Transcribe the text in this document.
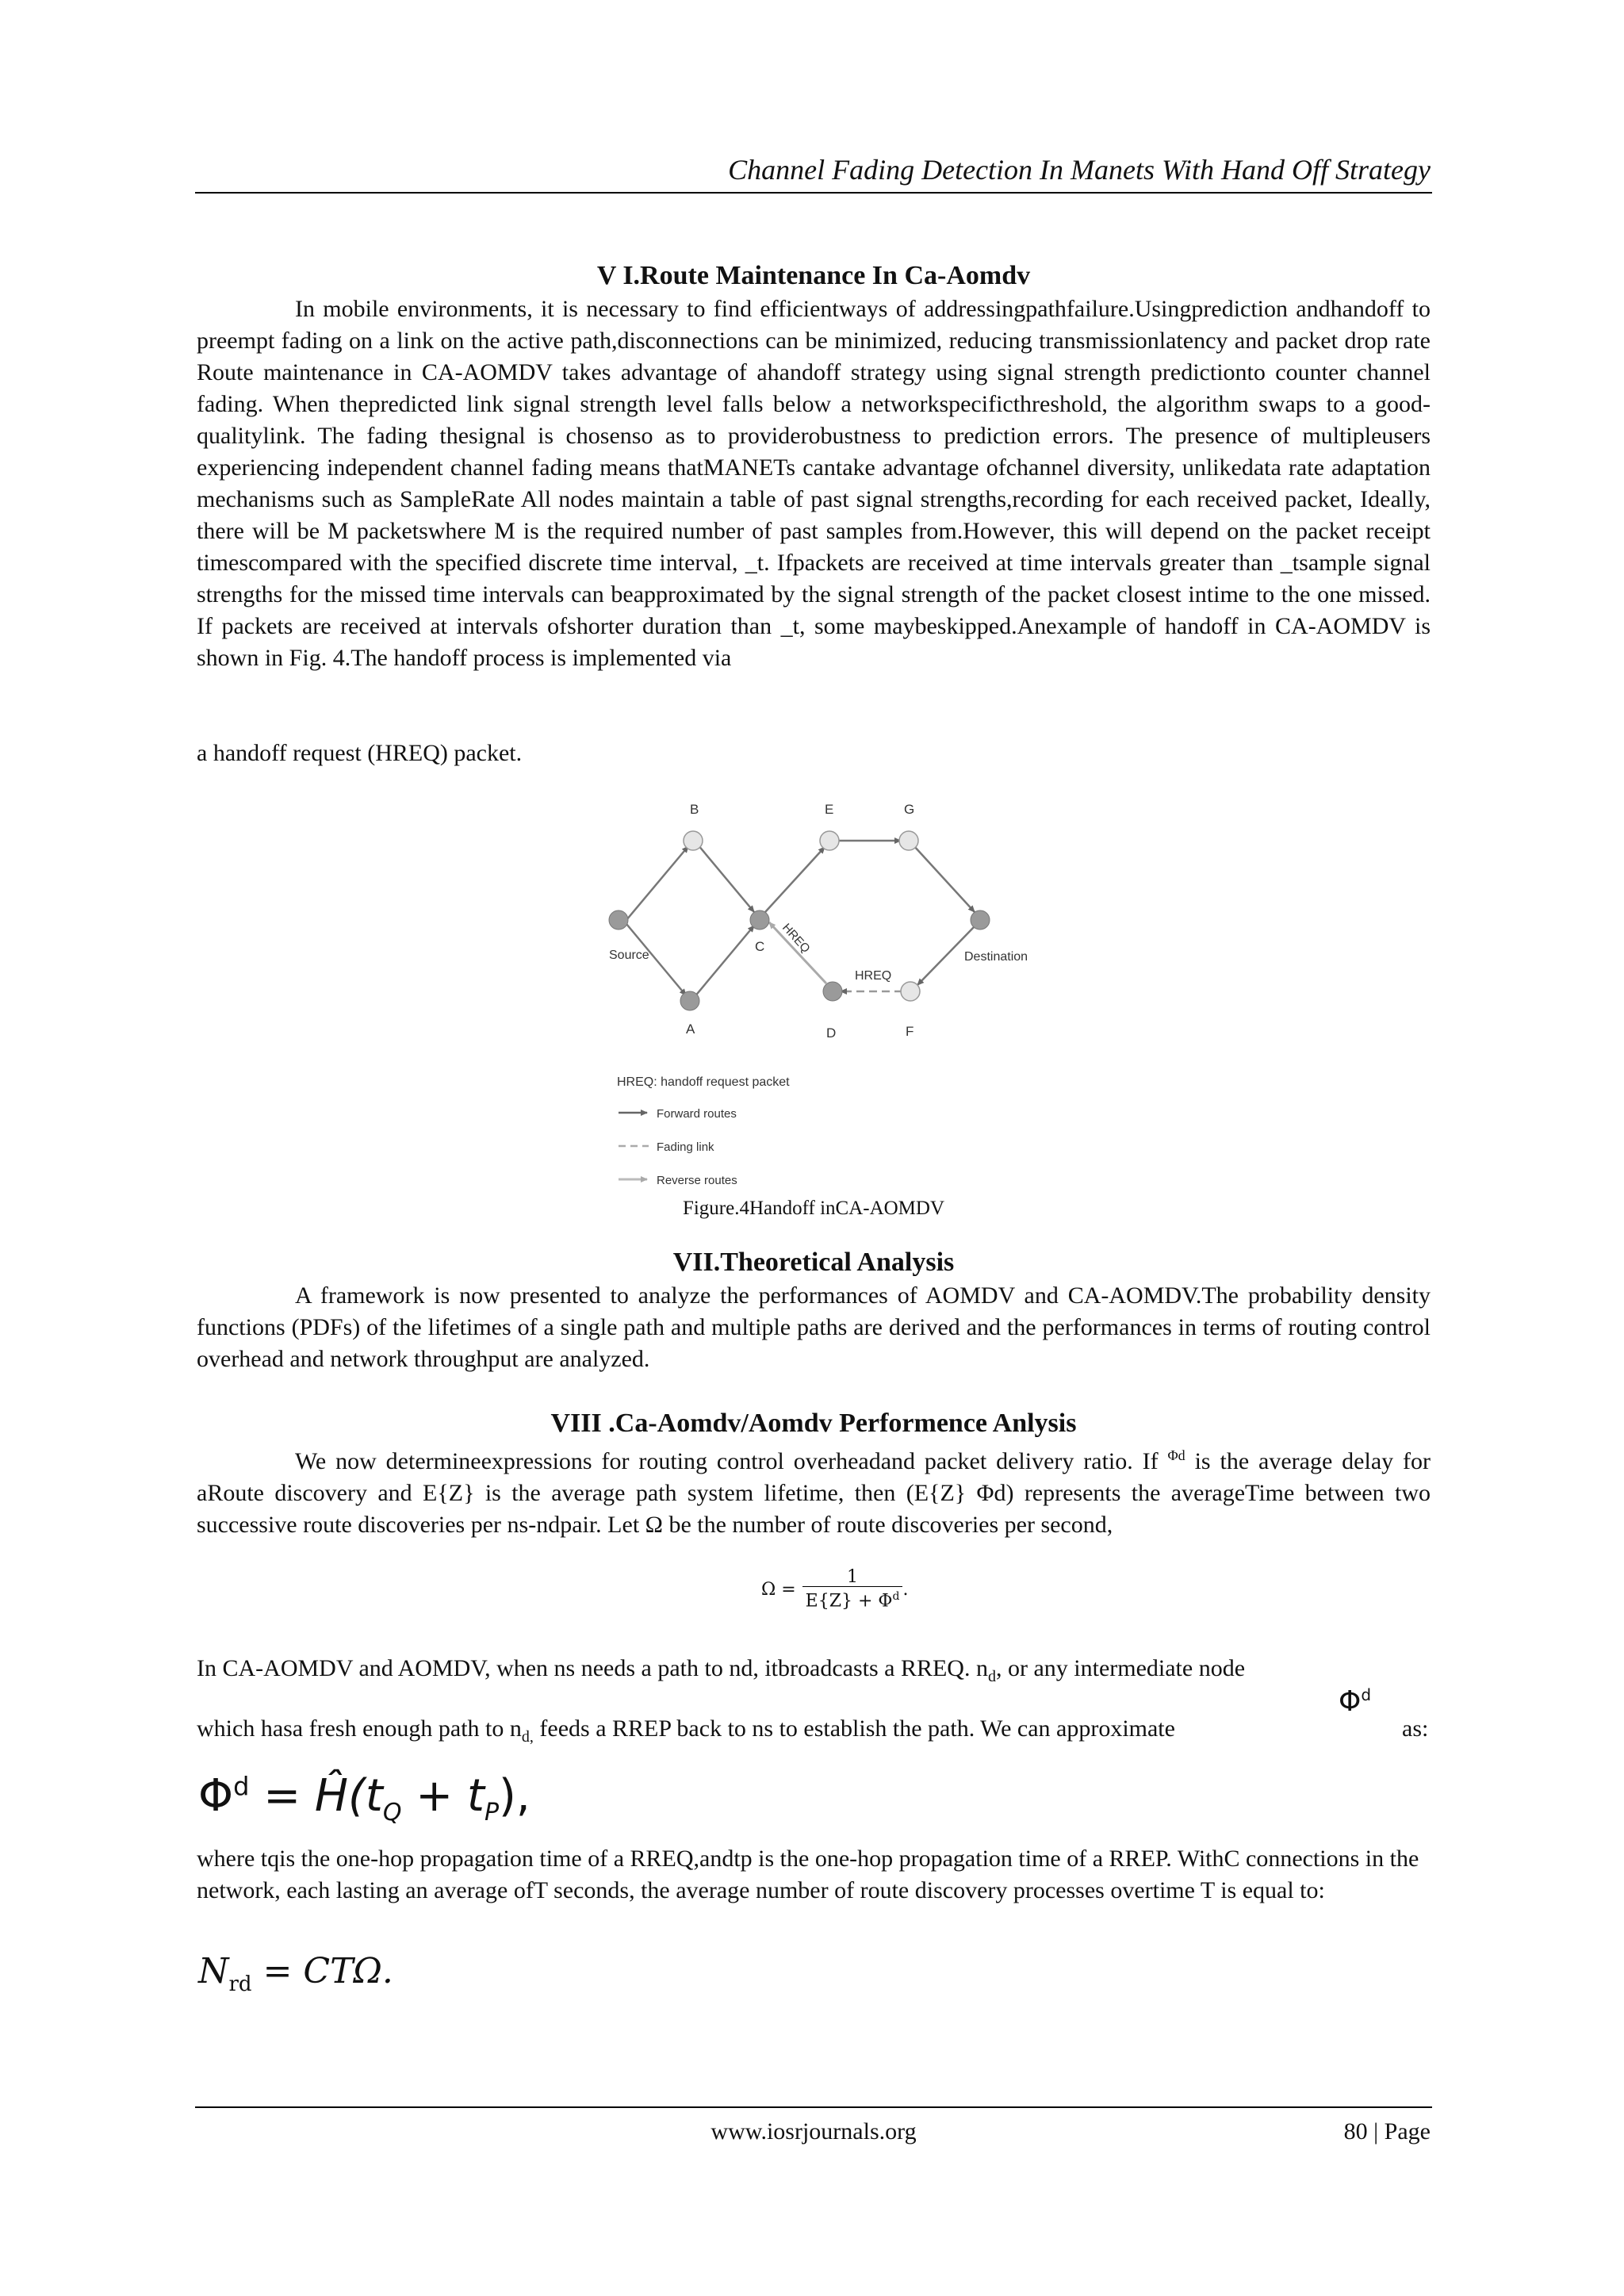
Channel Fading Detection In Manets With Hand Off Strategy
V I.Route Maintenance In Ca-Aomdv

In mobile environments, it is necessary to find efficientways of addressingpathfailure.Usingprediction andhandoff to preempt fading on a link on the active path,disconnections can be minimized, reducing transmissionlatency and packet drop rate Route maintenance in CA-AOMDV takes advantage of ahandoff strategy using signal strength predictionto counter channel fading. When thepredicted link signal strength level falls below a networkspecificthreshold, the algorithm swaps to a good-qualitylink. The fading thesignal is chosenso as to providerobustness to prediction errors. The presence of multipleusers experiencing independent channel fading means thatMANETs cantake advantage ofchannel diversity, unlikedata rate adaptation mechanisms such as SampleRate All nodes maintain a table of past signal strengths,recording for each received packet, Ideally, there will be M packetswhere M is the required number of past samples from.However, this will depend on the packet receipt timescompared with the specified discrete time interval, _t. Ifpackets are received at time intervals greater than _tsample signal strengths for the missed time intervals can beapproximated by the signal strength of the packet closest intime to the one missed. If packets are received at intervals ofshorter duration than _t, some maybeskipped.Anexample of handoff in CA-AOMDV is shown in Fig. 4.The handoff process is implemented via

a handoff request (HREQ) packet.

B	E	G
Source
C
Destination
A	D	F
HREQ
HREQ
HREQ: handoff request packet
Forward routes
Fading link
Reverse routes
Figure.4Handoff inCA-AOMDV
VII.Theoretical Analysis

A framework is now presented to analyze the performances of AOMDV and CA-AOMDV.The probability density functions (PDFs) of the lifetimes of a single path and multiple paths are derived and the performances in terms of routing control overhead and network throughput are analyzed.

VIII .Ca-Aomdv/Aomdv Performence Anlysis

We now determineexpressions for routing control overheadand packet delivery ratio. If $^{\Phi d}$ is the average delay for aRoute discovery and E{Z} is the average path system lifetime, then (E{Z} Φd) represents the averageTime between two successive route discoveries per ns-ndpair. Let Ω be the number of route discoveries per second,

$\Omega = \frac{1}{E\{Z\} + \Phi^d}$ .

In CA-AOMDV and AOMDV, when ns needs a path to nd, itbroadcasts a RREQ. $n_d$, or any intermediate node

which hasa fresh enough path to $n_{d,}$ feeds a RREP back to ns to establish the path. We can approximate

$\Phi^d$
as:
$\Phi^d$ = $Ĥ(t_Q + t_P)$,

where tqis the one-hop propagation time of a RREQ,andtp is the one-hop propagation time of a RREP. WithC connections in the network, each lasting an average ofT seconds, the average number of route discovery processes overtime T is equal to:

$N_{rd} = CT\Omega$.
www.iosrjournals.org	80 | Page
